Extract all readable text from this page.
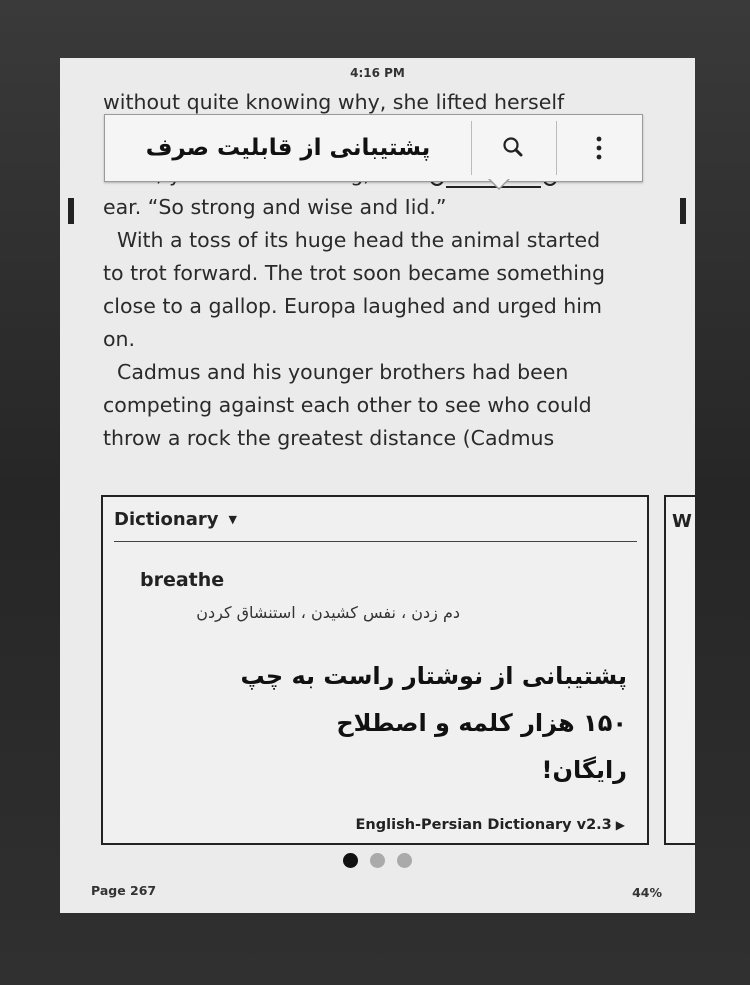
4:16 PM
without quite knowing why, she lifted herself
ear. “So strong and wise and Iid.”
With a toss of its huge head the animal started
to trot forward. The trot soon became something
close to a gallop. Europa laughed and urged him
on.
Cadmus and his younger brothers had been
competing against each other to see who could
throw a rock the greatest distance (Cadmus
پشتیبانی از قابلیت صرف
Dictionary ▼
breathe
دم زدن ، نفس کشیدن ، استنشاق کردن
پشتیبانی از نوشتار راست به چپ
۱۵۰ هزار کلمه و اصطلاح
رایگان!
English-Persian Dictionary v2.3 ▶
W
Page 267	44%
